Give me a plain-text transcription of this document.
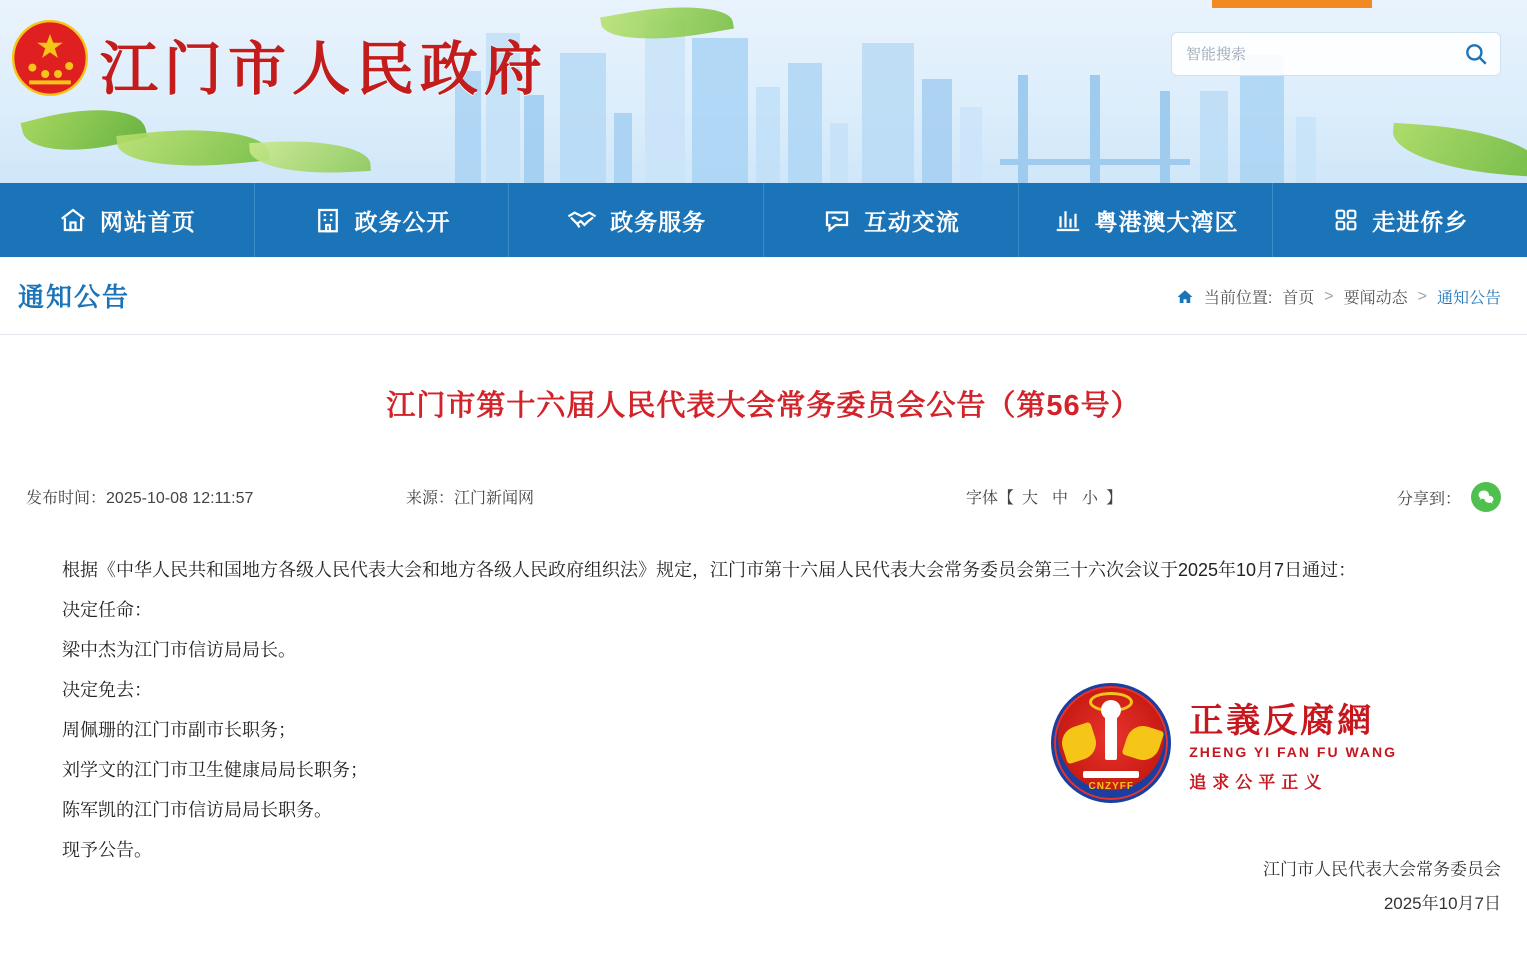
江门市人民政府
智能搜索
网站首页	政务公开	政务服务	互动交流	粤港澳大湾区	走进侨乡
通知公告	当前位置: 首页 > 要闻动态 > 通知公告
江门市第十六届人民代表大会常务委员会公告（第56号）
发布时间：2025-10-08 12:11:57	来源：江门新闻网	字体【 大 中 小 】	分享到：

根据《中华人民共和国地方各级人民代表大会和地方各级人民政府组织法》规定，江门市第十六届人民代表大会常务委员会第三十六次会议于2025年10月7日通过：

决定任命：

梁中杰为江门市信访局局长。

决定免去：

周佩珊的江门市副市长职务；

刘学文的江门市卫生健康局局长职务；

陈军凯的江门市信访局局长职务。

现予公告。

CNZYFF
正義反腐網
ZHENG YI FAN FU WANG
追求公平正义
江门市人民代表大会常务委员会
2025年10月7日
